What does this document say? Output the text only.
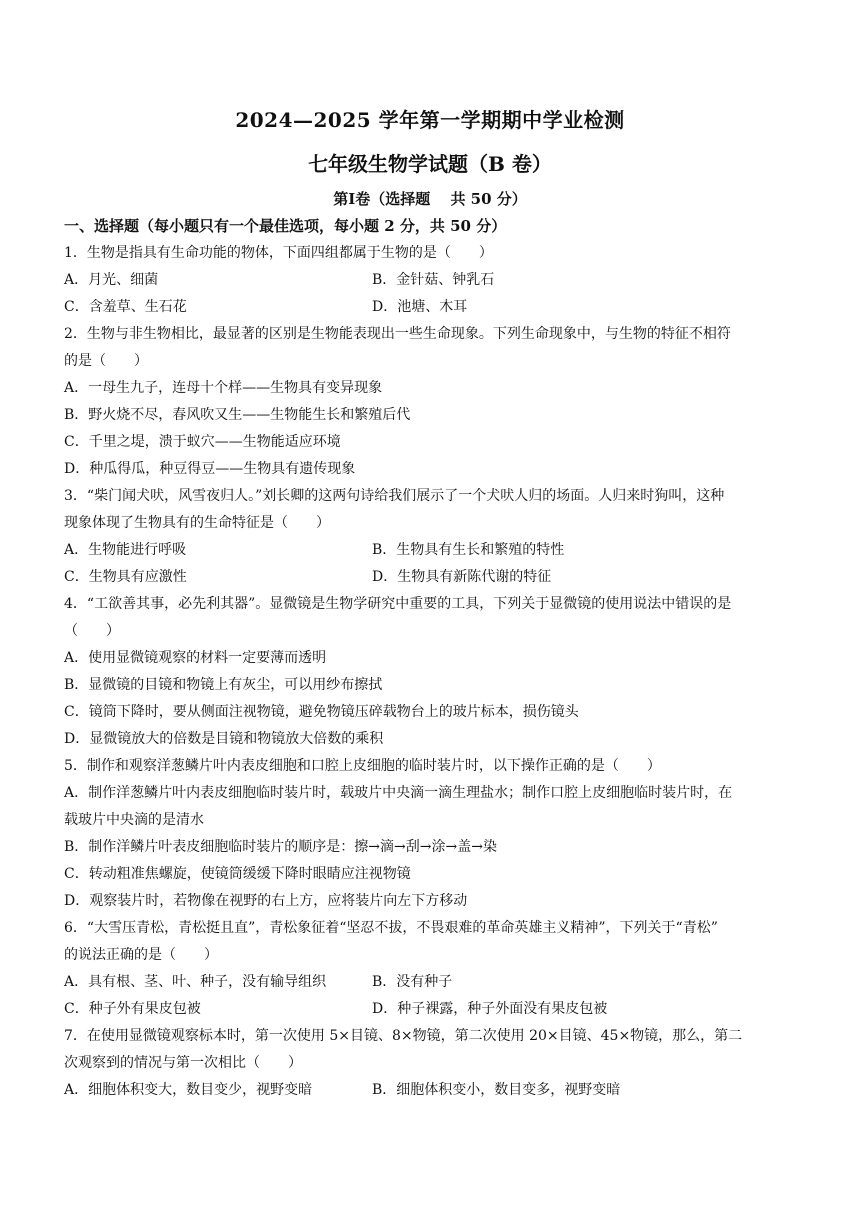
2024—2025 学年第一学期期中学业检测
七年级生物学试题（B 卷）
第Ⅰ卷（选择题　 共 50 分）
一、选择题（每小题只有一个最佳选项，每小题 2 分，共 50 分）
1．生物是指具有生命功能的物体，下面四组都属于生物的是（　　）
A．月光、细菌	B．金针菇、钟乳石
C．含羞草、生石花	D．池塘、木耳
2．生物与非生物相比，最显著的区别是生物能表现出一些生命现象。下列生命现象中，与生物的特征不相符
的是（　　）
A．一母生九子，连母十个样——生物具有变异现象
B．野火烧不尽，春风吹又生——生物能生长和繁殖后代
C．千里之堤，溃于蚁穴——生物能适应环境
D．种瓜得瓜，种豆得豆——生物具有遗传现象
3．“柴门闻犬吠，风雪夜归人。”刘长卿的这两句诗给我们展示了一个犬吠人归的场面。人归来时狗叫，这种
现象体现了生物具有的生命特征是（　　）
A．生物能进行呼吸	B．生物具有生长和繁殖的特性
C．生物具有应激性	D．生物具有新陈代谢的特征
4．“工欲善其事，必先利其器”。显微镜是生物学研究中重要的工具，下列关于显微镜的使用说法中错误的是
（　　）
A．使用显微镜观察的材料一定要薄而透明
B．显微镜的目镜和物镜上有灰尘，可以用纱布擦拭
C．镜筒下降时，要从侧面注视物镜，避免物镜压碎载物台上的玻片标本，损伤镜头
D．显微镜放大的倍数是目镜和物镜放大倍数的乘积
5．制作和观察洋葱鳞片叶内表皮细胞和口腔上皮细胞的临时装片时，以下操作正确的是（　　）
A．制作洋葱鳞片叶内表皮细胞临时装片时，载玻片中央滴一滴生理盐水；制作口腔上皮细胞临时装片时，在
载玻片中央滴的是清水
B．制作洋鳞片叶表皮细胞临时装片的顺序是：擦→滴→刮→涂→盖→染
C．转动粗准焦螺旋，使镜筒缓缓下降时眼睛应注视物镜
D．观察装片时，若物像在视野的右上方，应将装片向左下方移动
6．“大雪压青松，青松挺且直”，青松象征着“坚忍不拔，不畏艰难的革命英雄主义精神”，下列关于“青松”
的说法正确的是（　　）
A．具有根、茎、叶、种子，没有输导组织	B．没有种子
C．种子外有果皮包被	D．种子裸露，种子外面没有果皮包被
7．在使用显微镜观察标本时，第一次使用 5×目镜、8×物镜，第二次使用 20×目镜、45×物镜，那么，第二
次观察到的情况与第一次相比（　　）
A．细胞体积变大，数目变少，视野变暗	B．细胞体积变小，数目变多，视野变暗
